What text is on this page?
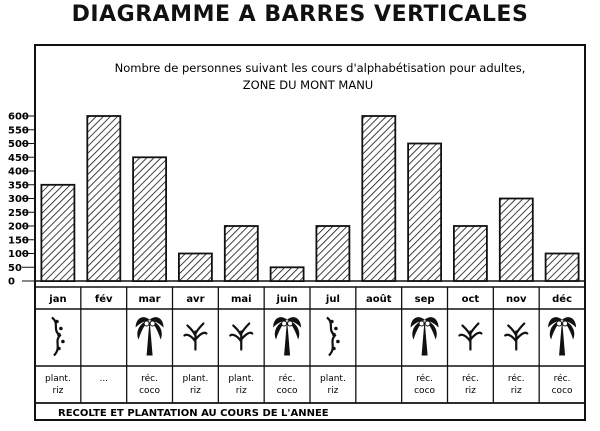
DIAGRAMME A BARRES VERTICALES
Nombre de personnes suivant les cours d'alphabétisation pour adultes,
ZONE DU MONT MANU
0
50
100
150
200
250
300
350
400
450
500
550
600
jan
plant.
riz
fév
...
mar
réc.
coco
avr
plant.
riz
mai
plant.
riz
juin
réc.
coco
jul
plant.
riz
août sep
réc.
coco
oct
réc.
riz
nov
réc.
riz
déc
réc.
coco
RECOLTE ET PLANTATION AU COURS DE L'ANNEE
